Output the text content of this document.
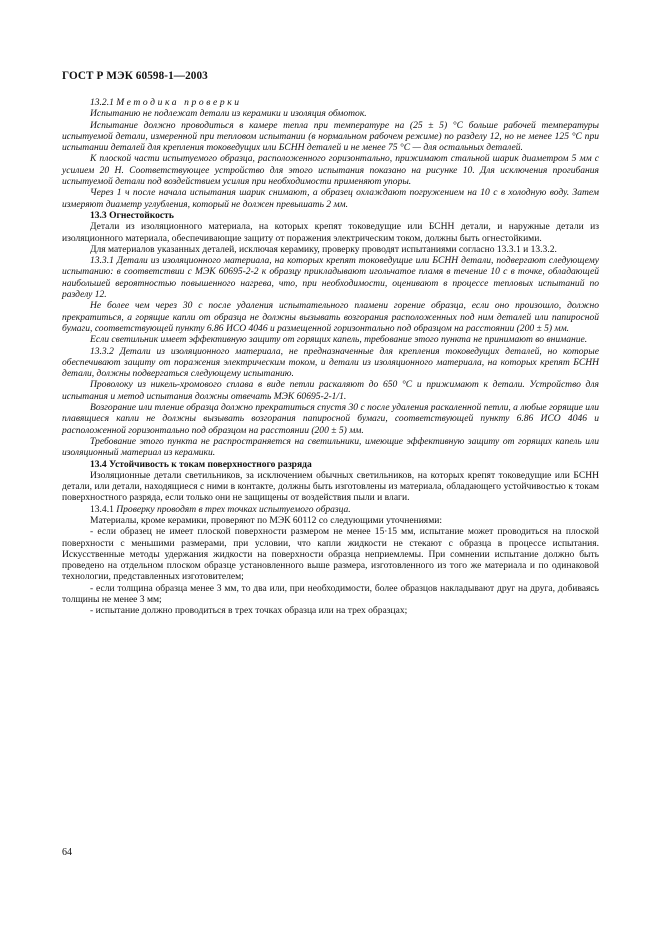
ГОСТ Р МЭК 60598-1—2003

13.2.1 Методика проверки

Испытанию не подлежат детали из керамики и изоляция обмоток.

Испытание должно проводиться в камере тепла при температуре на (25 ± 5) °С больше рабочей температуры испытуемой детали, измеренной при тепловом испытании (в нормальном рабочем режиме) по разделу 12, но не менее 125 °С при испытании деталей для крепления токоведущих или БСНН деталей и не менее 75 °С — для остальных деталей.

К плоской части испытуемого образца, расположенного горизонтально, прижимают стальной шарик диаметром 5 мм с усилием 20 Н. Соответствующее устройство для этого испытания показано на рисунке 10. Для исключения прогибания испытуемой детали под воздействием усилия при необходимости применяют упоры.

Через 1 ч после начала испытания шарик снимают, а образец охлаждают погружением на 10 с в холодную воду. Затем измеряют диаметр углубления, который не должен превышать 2 мм.

13.3 Огнестойкость

Детали из изоляционного материала, на которых крепят токоведущие или БСНН детали, и наружные детали из изоляционного материала, обеспечивающие защиту от поражения электрическим током, должны быть огнестойкими.

Для материалов указанных деталей, исключая керамику, проверку проводят испытаниями согласно 13.3.1 и 13.3.2.

13.3.1 Детали из изоляционного материала, на которых крепят токоведущие или БСНН детали, подвергают следующему испытанию: в соответствии с МЭК 60695-2-2 к образцу прикладывают игольчатое пламя в течение 10 с в точке, обладающей наибольшей вероятностью повышенного нагрева, что, при необходимости, оценивают в процессе тепловых испытаний по разделу 12.

Не более чем через 30 с после удаления испытательного пламени горение образца, если оно произошло, должно прекратиться, а горящие капли от образца не должны вызывать возгорания расположенных под ним деталей или папиросной бумаги, соответствующей пункту 6.86 ИСО 4046 и размещенной горизонтально под образцом на расстоянии (200 ± 5) мм.

Если светильник имеет эффективную защиту от горящих капель, требование этого пункта не принимают во внимание.

13.3.2 Детали из изоляционного материала, не предназначенные для крепления токоведущих деталей, но которые обеспечивают защиту от поражения электрическим током, и детали из изоляционного материала, на которых крепят БСНН детали, должны подвергаться следующему испытанию.

Проволоку из никель-хромового сплава в виде петли раскаляют до 650 °С и прижимают к детали. Устройство для испытания и метод испытания должны отвечать МЭК 60695-2-1/1.

Возгорание или тление образца должно прекратиться спустя 30 с после удаления раскаленной петли, а любые горящие или плавящиеся капли не должны вызывать возгорания папиросной бумаги, соответствующей пункту 6.86 ИСО 4046 и расположенной горизонтально под образцом на расстоянии (200 ± 5) мм.

Требование этого пункта не распространяется на светильники, имеющие эффективную защиту от горящих капель или изоляционный материал из керамики.

13.4 Устойчивость к токам поверхностного разряда

Изоляционные детали светильников, за исключением обычных светильников, на которых крепят токоведущие или БСНН детали, или детали, находящиеся с ними в контакте, должны быть изготовлены из материала, обладающего устойчивостью к токам поверхностного разряда, если только они не защищены от воздействия пыли и влаги.

13.4.1 Проверку проводят в трех точках испытуемого образца.

Материалы, кроме керамики, проверяют по МЭК 60112 со следующими уточнениями:

- если образец не имеет плоской поверхности размером не менее 15·15 мм, испытание может проводиться на плоской поверхности с меньшими размерами, при условии, что капли жидкости не стекают с образца в процессе испытания. Искусственные методы удержания жидкости на поверхности образца неприемлемы. При сомнении испытание должно быть проведено на отдельном плоском образце установленного выше размера, изготовленного из того же материала и по одинаковой технологии, представленных изготовителем;

- если толщина образца менее 3 мм, то два или, при необходимости, более образцов накладывают друг на друга, добиваясь толщины не менее 3 мм;

- испытание должно проводиться в трех точках образца или на трех образцах;

64
